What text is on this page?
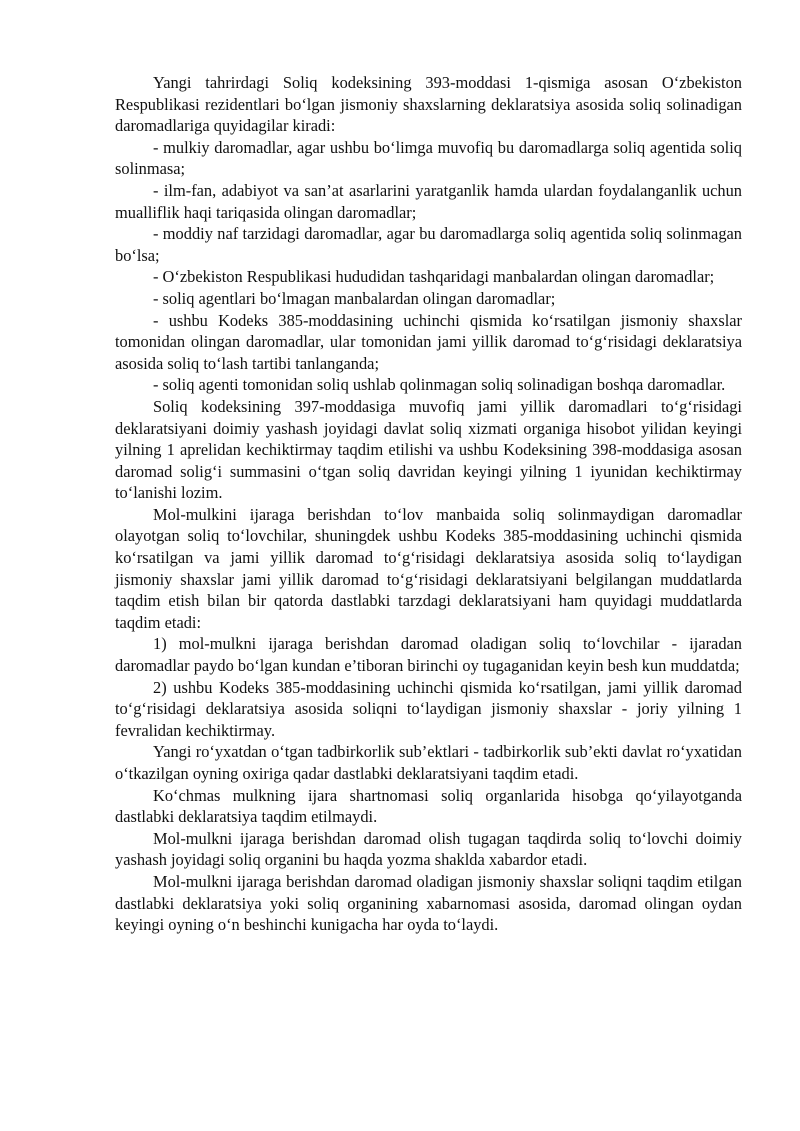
Yangi tahrirdagi Soliq kodeksining 393-moddasi 1-qismiga asosan O‘zbekiston Respublikasi rezidentlari bo‘lgan jismoniy shaxslarning deklaratsiya asosida soliq solinadigan daromadlariga quyidagilar kiradi:

- mulkiy daromadlar, agar ushbu bo‘limga muvofiq bu daromadlarga soliq agentida soliq solinmasa;

- ilm-fan, adabiyot va san’at asarlarini yaratganlik hamda ulardan foydalanganlik uchun mualliflik haqi tariqasida olingan daromadlar;

- moddiy naf tarzidagi daromadlar, agar bu daromadlarga soliq agentida soliq solinmagan bo‘lsa;

- O‘zbekiston Respublikasi hududidan tashqaridagi manbalardan olingan daromadlar;

- soliq agentlari bo‘lmagan manbalardan olingan daromadlar;

- ushbu Kodeks 385-moddasining uchinchi qismida ko‘rsatilgan jismoniy shaxslar tomonidan olingan daromadlar, ular tomonidan jami yillik daromad to‘g‘risidagi deklaratsiya asosida soliq to‘lash tartibi tanlanganda;

- soliq agenti tomonidan soliq ushlab qolinmagan soliq solinadigan boshqa daromadlar.

Soliq kodeksining 397-moddasiga muvofiq jami yillik daromadlari to‘g‘risidagi deklaratsiyani doimiy yashash joyidagi davlat soliq xizmati organiga hisobot yilidan keyingi yilning 1 aprelidan kechiktirmay taqdim etilishi va ushbu Kodeksining 398-moddasiga asosan daromad solig‘i summasini o‘tgan soliq davridan keyingi yilning 1 iyunidan kechiktirmay to‘lanishi lozim.

Mol-mulkini ijaraga berishdan to‘lov manbaida soliq solinmaydigan daromadlar olayotgan soliq to‘lovchilar, shuningdek ushbu Kodeks 385-moddasining uchinchi qismida ko‘rsatilgan va jami yillik daromad to‘g‘risidagi deklaratsiya asosida soliq to‘laydigan jismoniy shaxslar jami yillik daromad to‘g‘risidagi deklaratsiyani belgilangan muddatlarda taqdim etish bilan bir qatorda dastlabki tarzdagi deklaratsiyani ham quyidagi muddatlarda taqdim etadi:

1) mol-mulkni ijaraga berishdan daromad oladigan soliq to‘lovchilar - ijaradan daromadlar paydo bo‘lgan kundan e’tiboran birinchi oy tugaganidan keyin besh kun muddatda;

2) ushbu Kodeks 385-moddasining uchinchi qismida ko‘rsatilgan, jami yillik daromad to‘g‘risidagi deklaratsiya asosida soliqni to‘laydigan jismoniy shaxslar - joriy yilning 1 fevralidan kechiktirmay.

Yangi ro‘yxatdan o‘tgan tadbirkorlik sub’ektlari - tadbirkorlik sub’ekti davlat ro‘yxatidan o‘tkazilgan oyning oxiriga qadar dastlabki deklaratsiyani taqdim etadi.

Ko‘chmas mulkning ijara shartnomasi soliq organlarida hisobga qo‘yilayotganda dastlabki deklaratsiya taqdim etilmaydi.

Mol-mulkni ijaraga berishdan daromad olish tugagan taqdirda soliq to‘lovchi doimiy yashash joyidagi soliq organini bu haqda yozma shaklda xabardor etadi.

Mol-mulkni ijaraga berishdan daromad oladigan jismoniy shaxslar soliqni taqdim etilgan dastlabki deklaratsiya yoki soliq organining xabarnomasi asosida, daromad olingan oydan keyingi oyning o‘n beshinchi kunigacha har oyda to‘laydi.
